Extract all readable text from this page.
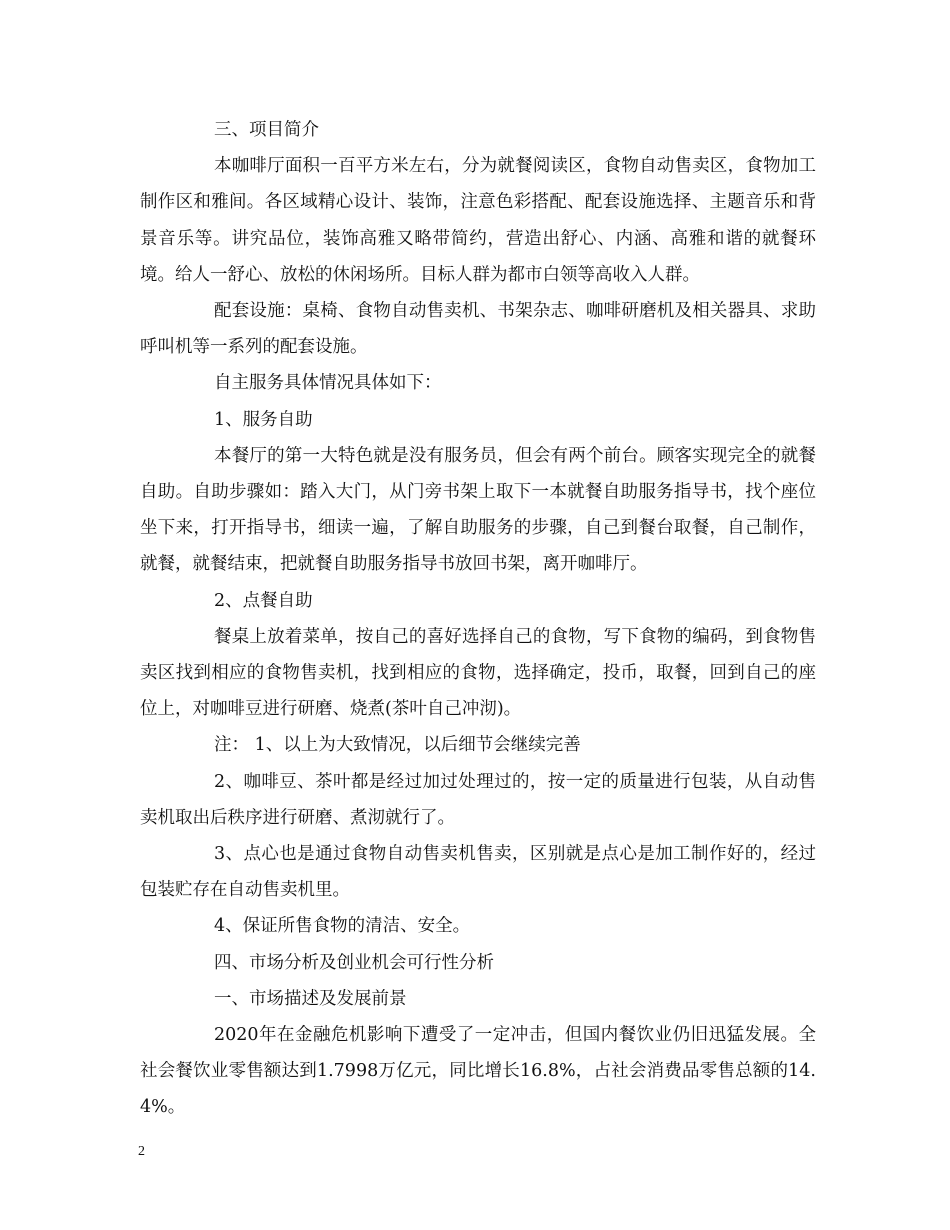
三、项目简介

本咖啡厅面积一百平方米左右，分为就餐阅读区，食物自动售卖区，食物加工制作区和雅间。各区域精心设计、装饰，注意色彩搭配、配套设施选择、主题音乐和背景音乐等。讲究品位，装饰高雅又略带简约，营造出舒心、内涵、高雅和谐的就餐环境。给人一舒心、放松的休闲场所。目标人群为都市白领等高收入人群。

配套设施：桌椅、食物自动售卖机、书架杂志、咖啡研磨机及相关器具、求助呼叫机等一系列的配套设施。

自主服务具体情况具体如下：

1、服务自助

本餐厅的第一大特色就是没有服务员，但会有两个前台。顾客实现完全的就餐自助。自助步骤如：踏入大门，从门旁书架上取下一本就餐自助服务指导书，找个座位坐下来，打开指导书，细读一遍，了解自助服务的步骤，自己到餐台取餐，自己制作，就餐，就餐结束，把就餐自助服务指导书放回书架，离开咖啡厅。

2、点餐自助

餐桌上放着菜单，按自己的喜好选择自己的食物，写下食物的编码，到食物售卖区找到相应的食物售卖机，找到相应的食物，选择确定，投币，取餐，回到自己的座位上，对咖啡豆进行研磨、烧煮(茶叶自己冲沏)。

注： 1、以上为大致情况，以后细节会继续完善

2、咖啡豆、茶叶都是经过加过处理过的，按一定的质量进行包装，从自动售卖机取出后秩序进行研磨、煮沏就行了。

3、点心也是通过食物自动售卖机售卖，区别就是点心是加工制作好的，经过包装贮存在自动售卖机里。

4、保证所售食物的清洁、安全。

四、市场分析及创业机会可行性分析

一、市场描述及发展前景

2020年在金融危机影响下遭受了一定冲击，但国内餐饮业仍旧迅猛发展。全社会餐饮业零售额达到1.7998万亿元，同比增长16.8%，占社会消费品零售总额的14.4%。

2
